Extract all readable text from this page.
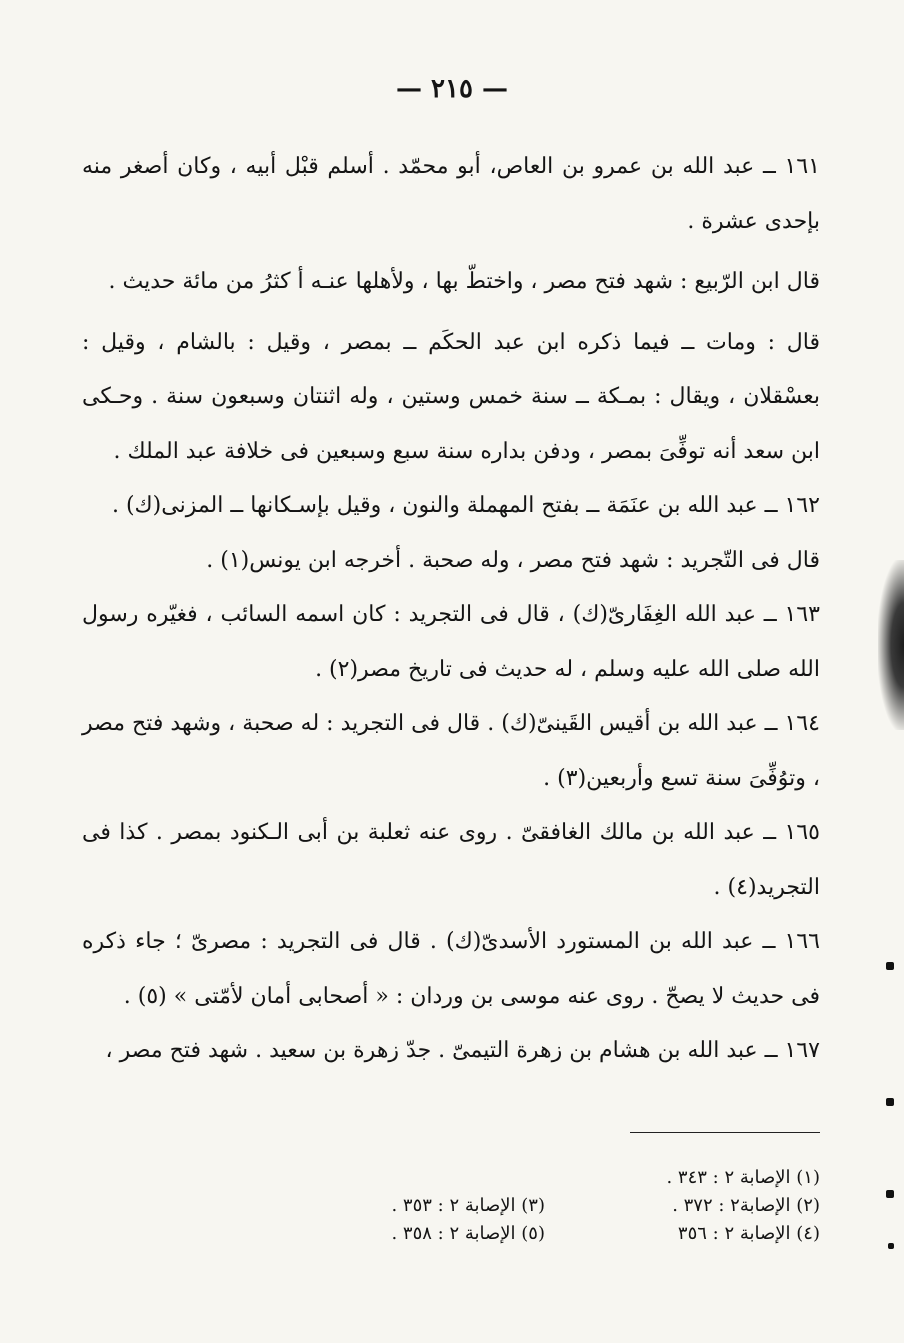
— ٢١٥ —

١٦١ ــ عبد الله بن عمرو بن العاص، أبو محمّد . أسلم قبْل أبيه ، وكان أصغر منه بإحدى عشرة .

قال ابن الرّبيع : شهد فتح مصر ، واختطّ بها ، ولأهلها عنـه أ كثرُ من مائة حديث .

قال : ومات ــ فيما ذكره ابن عبد الحكَم ــ بمصر ، وقيل : بالشام ، وقيل : بعسْقلان ، ويقال : بمـكة ــ سنة خمس وستين ، وله اثنتان وسبعون سنة . وحـكى ابن سعد أنه توفِّىَ بمصر ، ودفن بداره سنة سبع وسبعين فى خلافة عبد الملك .

١٦٢ ــ عبد الله بن عنَمَة ــ بفتح المهملة والنون ، وقيل بإسـكانها ــ المزنى(ك) .

قال فى التّجريد : شهد فتح مصر ، وله صحبة . أخرجه ابن يونس(١) .

١٦٣ ــ عبد الله الغِفَارىّ(ك) ، قال فى التجريد : كان اسمه السائب ، فغيّره رسول الله صلى الله عليه وسلم ، له حديث فى تاريخ مصر(٢) .

١٦٤ ــ عبد الله بن أقيس القَينىّ(ك) . قال فى التجريد : له صحبة ، وشهد فتح مصر ، وتوُفِّىَ سنة تسع وأربعين(٣) .

١٦٥ ــ عبد الله بن مالك الغافقىّ . روى عنه ثعلبة بن أبى الـكنود بمصر . كذا فى التجريد(٤) .

١٦٦ ــ عبد الله بن المستورد الأسدىّ(ك) . قال فى التجريد : مصرىّ ؛ جاء ذكره فى حديث لا يصحّ . روى عنه موسى بن وردان : « أصحابى أمان لأمّتى » (٥) .

١٦٧ ــ عبد الله بن هشام بن زهرة التيمىّ . جدّ زهرة بن سعيد . شهد فتح مصر ،

(١) الإصابة ٢ : ٣٤٣ .
(٢) الإصابة٢ : ٣٧٢ .
(٣) الإصابة ٢ : ٣٥٣ .
(٤) الإصابة ٢ : ٣٥٦
(٥) الإصابة ٢ : ٣٥٨ .
